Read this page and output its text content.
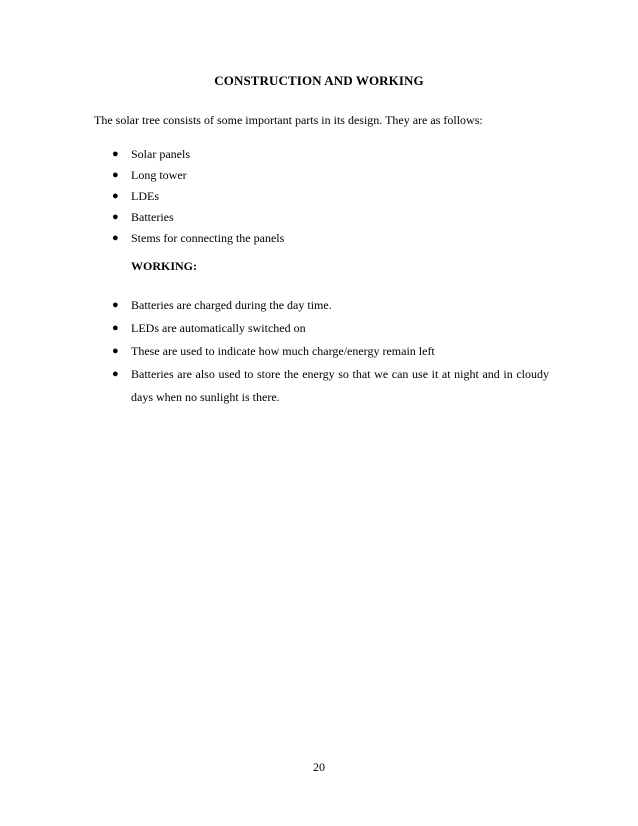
CONSTRUCTION AND WORKING
The solar tree consists of some important parts in its design. They are as follows:
● Solar panels
● Long tower
● LDEs
● Batteries
● Stems for connecting the panels
WORKING:
● Batteries are charged during the day time.
● LEDs are automatically switched on
● These are used to indicate how much charge/energy remain left
● Batteries are also used to store the energy so that we can use it at night and in cloudy days when no sunlight is there.
20
